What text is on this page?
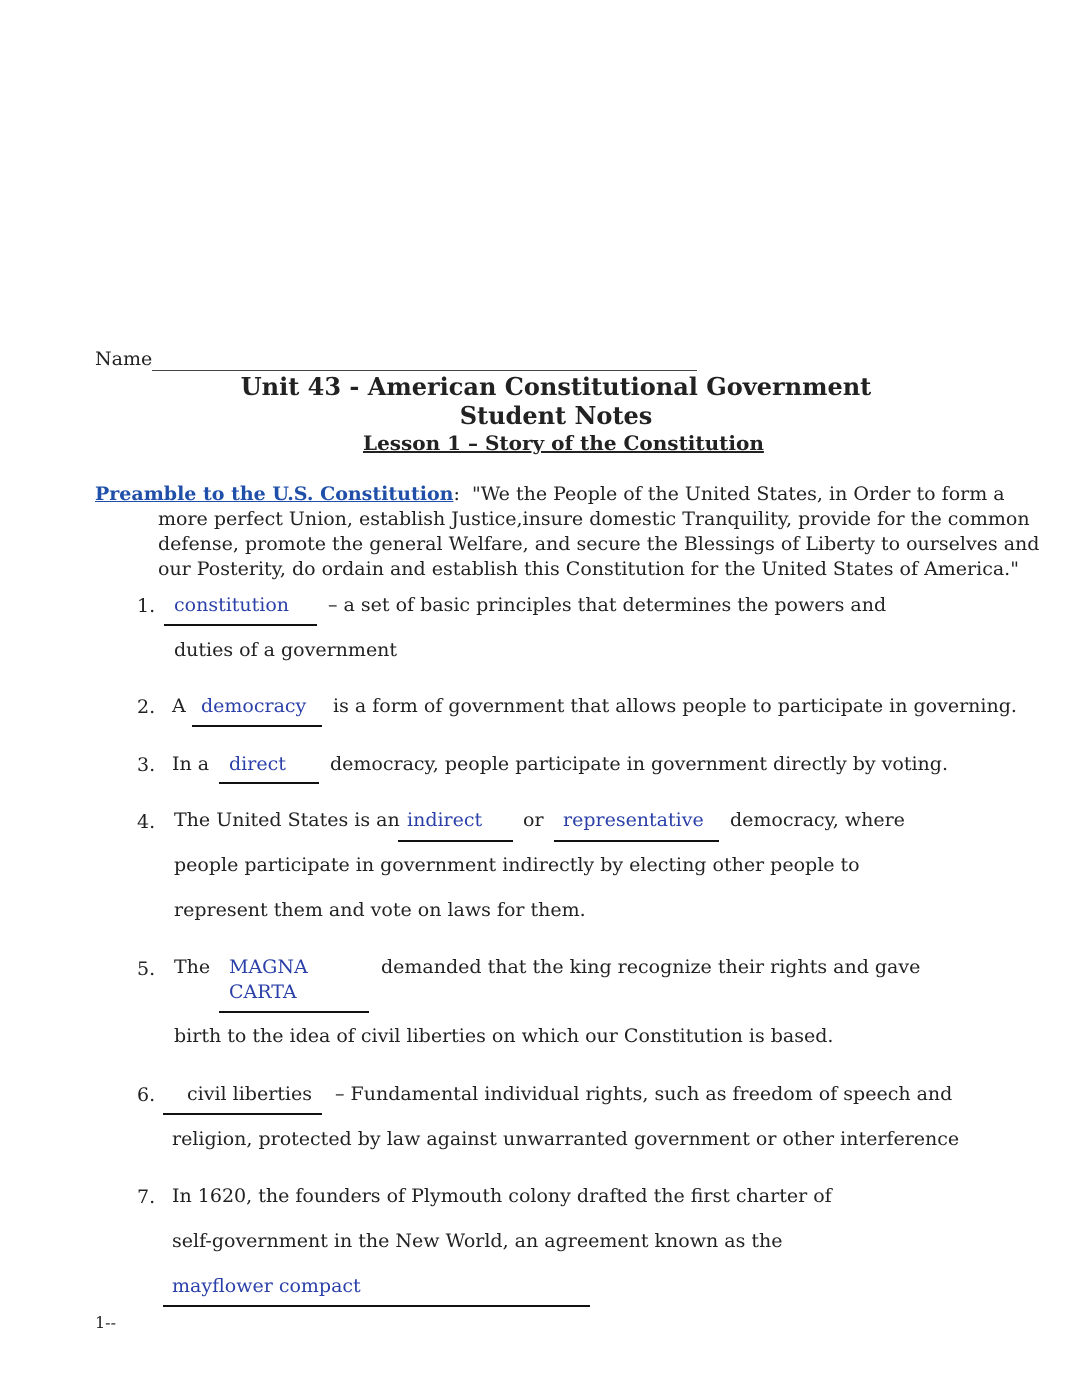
Name
Unit 43 - American Constitutional Government
Student Notes
Lesson 1 – Story of the Constitution
Preamble to the U.S. Constitution: "We the People of the United States, in Order to form a
more perfect Union, establish Justice,insure domestic Tranquility, provide for the common
defense, promote the general Welfare, and secure the Blessings of Liberty to ourselves and
our Posterity, do ordain and establish this Constitution for the United States of America."
1. constitution – a set of basic principles that determines the powers and
duties of a government
2. A democracy is a form of government that allows people to participate in governing.
3. In a direct democracy, people participate in government directly by voting.
4. The United States is an indirect or representative democracy, where
people participate in government indirectly by electing other people to
represent them and vote on laws for them.
5. The MAGNA
CARTA
demanded that the king recognize their rights and gave
birth to the idea of civil liberties on which our Constitution is based.
6. civil liberties – Fundamental individual rights, such as freedom of speech and
religion, protected by law against unwarranted government or other interference
7. In 1620, the founders of Plymouth colony drafted the first charter of
self-government in the New World, an agreement known as the
mayflower compact
1--
